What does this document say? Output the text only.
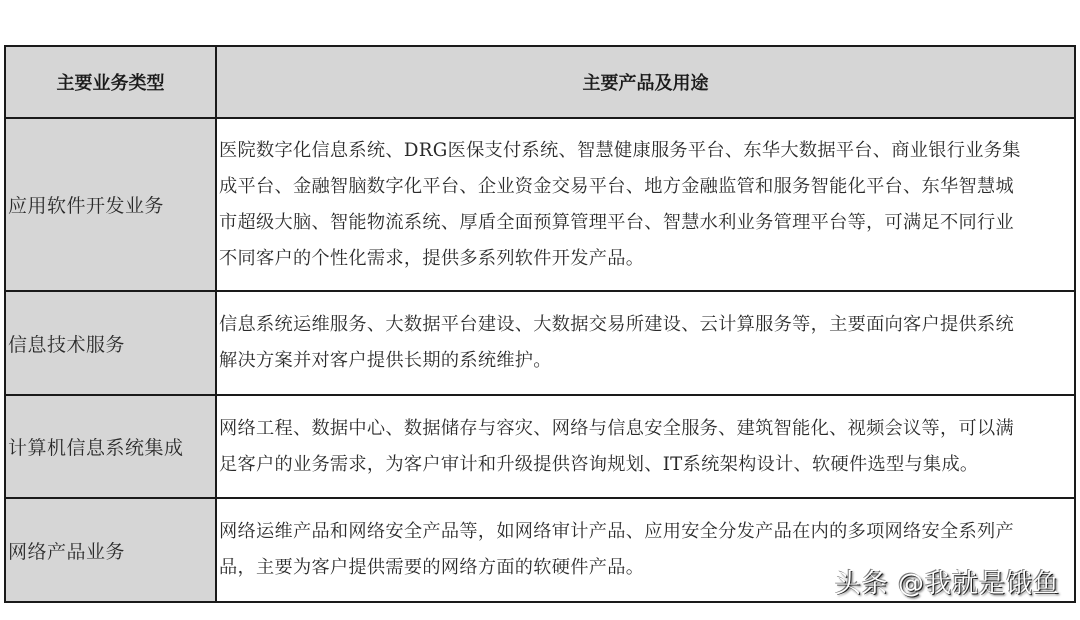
主要业务类型	主要产品及用途
应用软件开发业务	医院数字化信息系统、DRG医保支付系统、智慧健康服务平台、东华大数据平台、商业银行业务集
成平台、金融智脑数字化平台、企业资金交易平台、地方金融监管和服务智能化平台、东华智慧城
市超级大脑、智能物流系统、厚盾全面预算管理平台、智慧水利业务管理平台等，可满足不同行业
不同客户的个性化需求，提供多系列软件开发产品。

信息技术服务	信息系统运维服务、大数据平台建设、大数据交易所建设、云计算服务等，主要面向客户提供系统
解决方案并对客户提供长期的系统维护。

计算机信息系统集成	网络工程、数据中心、数据储存与容灾、网络与信息安全服务、建筑智能化、视频会议等，可以满
足客户的业务需求，为客户审计和升级提供咨询规划、IT系统架构设计、软硬件选型与集成。

网络产品业务	网络运维产品和网络安全产品等，如网络审计产品、应用安全分发产品在内的多项网络安全系列产
品，主要为客户提供需要的网络方面的软硬件产品。
头条 @我就是饿鱼
